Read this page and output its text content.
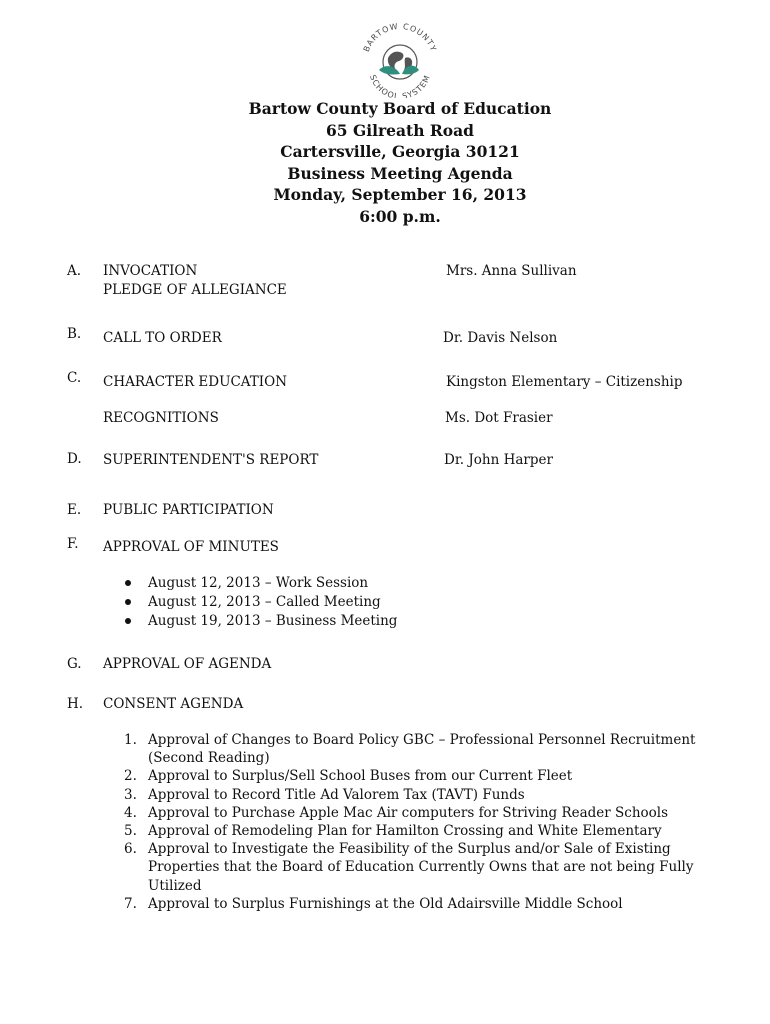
BARTOW COUNTY
SCHOOL SYSTEM
Bartow County Board of Education
65 Gilreath Road
Cartersville, Georgia 30121
Business Meeting Agenda
Monday, September 16, 2013
6:00 p.m.
A. INVOCATION	Mrs. Anna Sullivan
PLEDGE OF ALLEGIANCE
B. CALL TO ORDER	Dr. Davis Nelson
C. CHARACTER EDUCATION	Kingston Elementary – Citizenship
RECOGNITIONS	Ms. Dot Frasier
D. SUPERINTENDENT'S REPORT	Dr. John Harper
E. PUBLIC PARTICIPATION
F. APPROVAL OF MINUTES
August 12, 2013 – Work Session
August 12, 2013 – Called Meeting
August 19, 2013 – Business Meeting
G. APPROVAL OF AGENDA
H. CONSENT AGENDA
1. Approval of Changes to Board Policy GBC – Professional Personnel Recruitment (Second Reading)
2. Approval to Surplus/Sell School Buses from our Current Fleet
3. Approval to Record Title Ad Valorem Tax (TAVT) Funds
4. Approval to Purchase Apple Mac Air computers for Striving Reader Schools
5. Approval of Remodeling Plan for Hamilton Crossing and White Elementary
6. Approval to Investigate the Feasibility of the Surplus and/or Sale of Existing Properties that the Board of Education Currently Owns that are not being Fully Utilized
7. Approval to Surplus Furnishings at the Old Adairsville Middle School
